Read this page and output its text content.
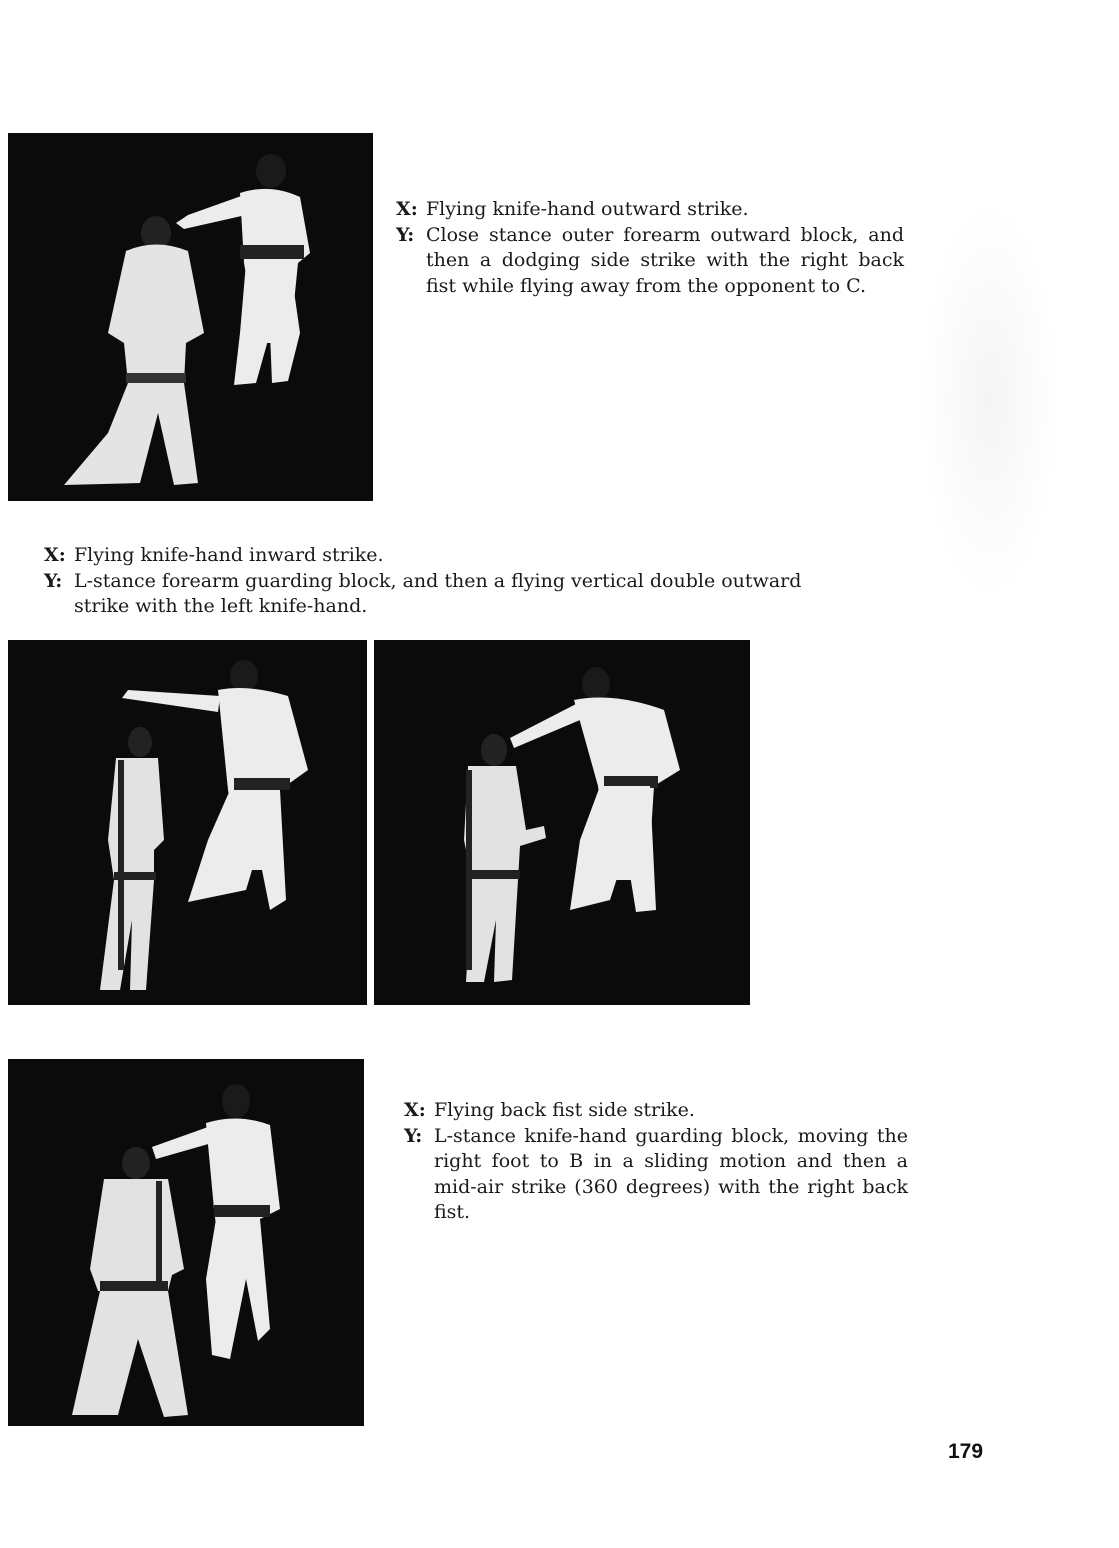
X: Flying knife-hand outward strike.
Y: Close stance outer forearm outward block, and then a dodging side strike with the right back fist while flying away from the opponent to C.
X: Flying knife-hand inward strike.
Y: L-stance forearm guarding block, and then a flying vertical double outward strike with the left knife-hand.
X: Flying back fist side strike.
Y: L-stance knife-hand guarding block, moving the right foot to B in a sliding motion and then a mid-air strike (360 degrees) with the right back fist.
179
